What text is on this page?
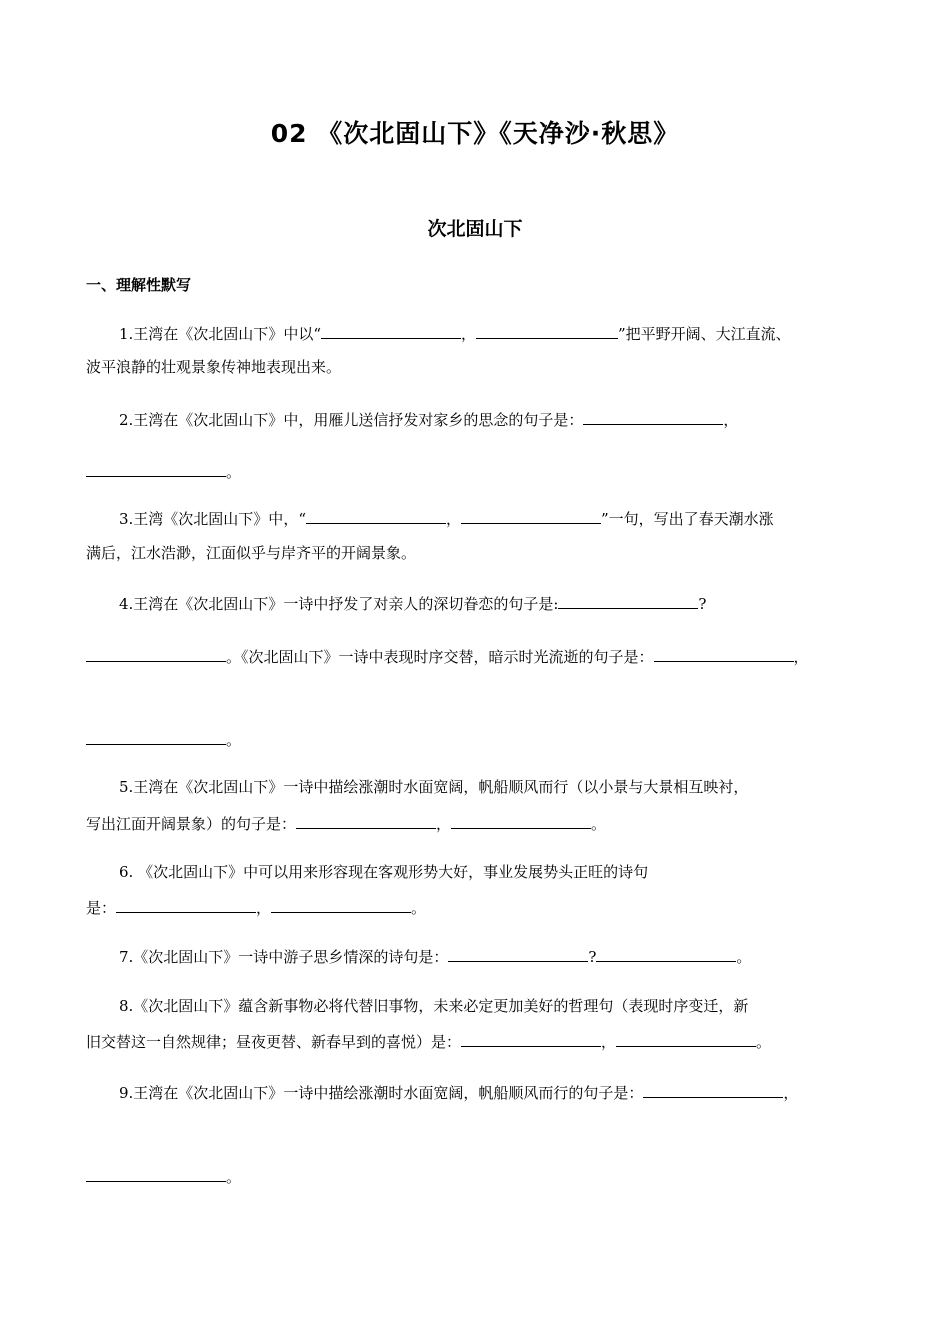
02 《次北固山下》《天净沙·秋思》
次北固山下
一、理解性默写
1.王湾在《次北固山下》中以“	，	”把平野开阔、大江直流、
波平浪静的壮观景象传神地表现出来。
2.王湾在《次北固山下》中，用雁儿送信抒发对家乡的思念的句子是：	，
。
3.王湾《次北固山下》中，“	，	”一句，写出了春天潮水涨
满后，江水浩渺，江面似乎与岸齐平的开阔景象。
4.王湾在《次北固山下》一诗中抒发了对亲人的深切眷恋的句子是:	?
。《次北固山下》一诗中表现时序交替，暗示时光流逝的句子是：	，
。
5.王湾在《次北固山下》一诗中描绘涨潮时水面宽阔，帆船顺风而行（以小景与大景相互映衬，
写出江面开阔景象）的句子是：	，	。
6. 《次北固山下》中可以用来形容现在客观形势大好，事业发展势头正旺的诗句
是：	，	。
7.《次北固山下》一诗中游子思乡情深的诗句是：	?	。
8.《次北固山下》蕴含新事物必将代替旧事物，未来必定更加美好的哲理句（表现时序变迁，新
旧交替这一自然规律；昼夜更替、新春早到的喜悦）是：	，	。
9.王湾在《次北固山下》一诗中描绘涨潮时水面宽阔，帆船顺风而行的句子是：	，
。
